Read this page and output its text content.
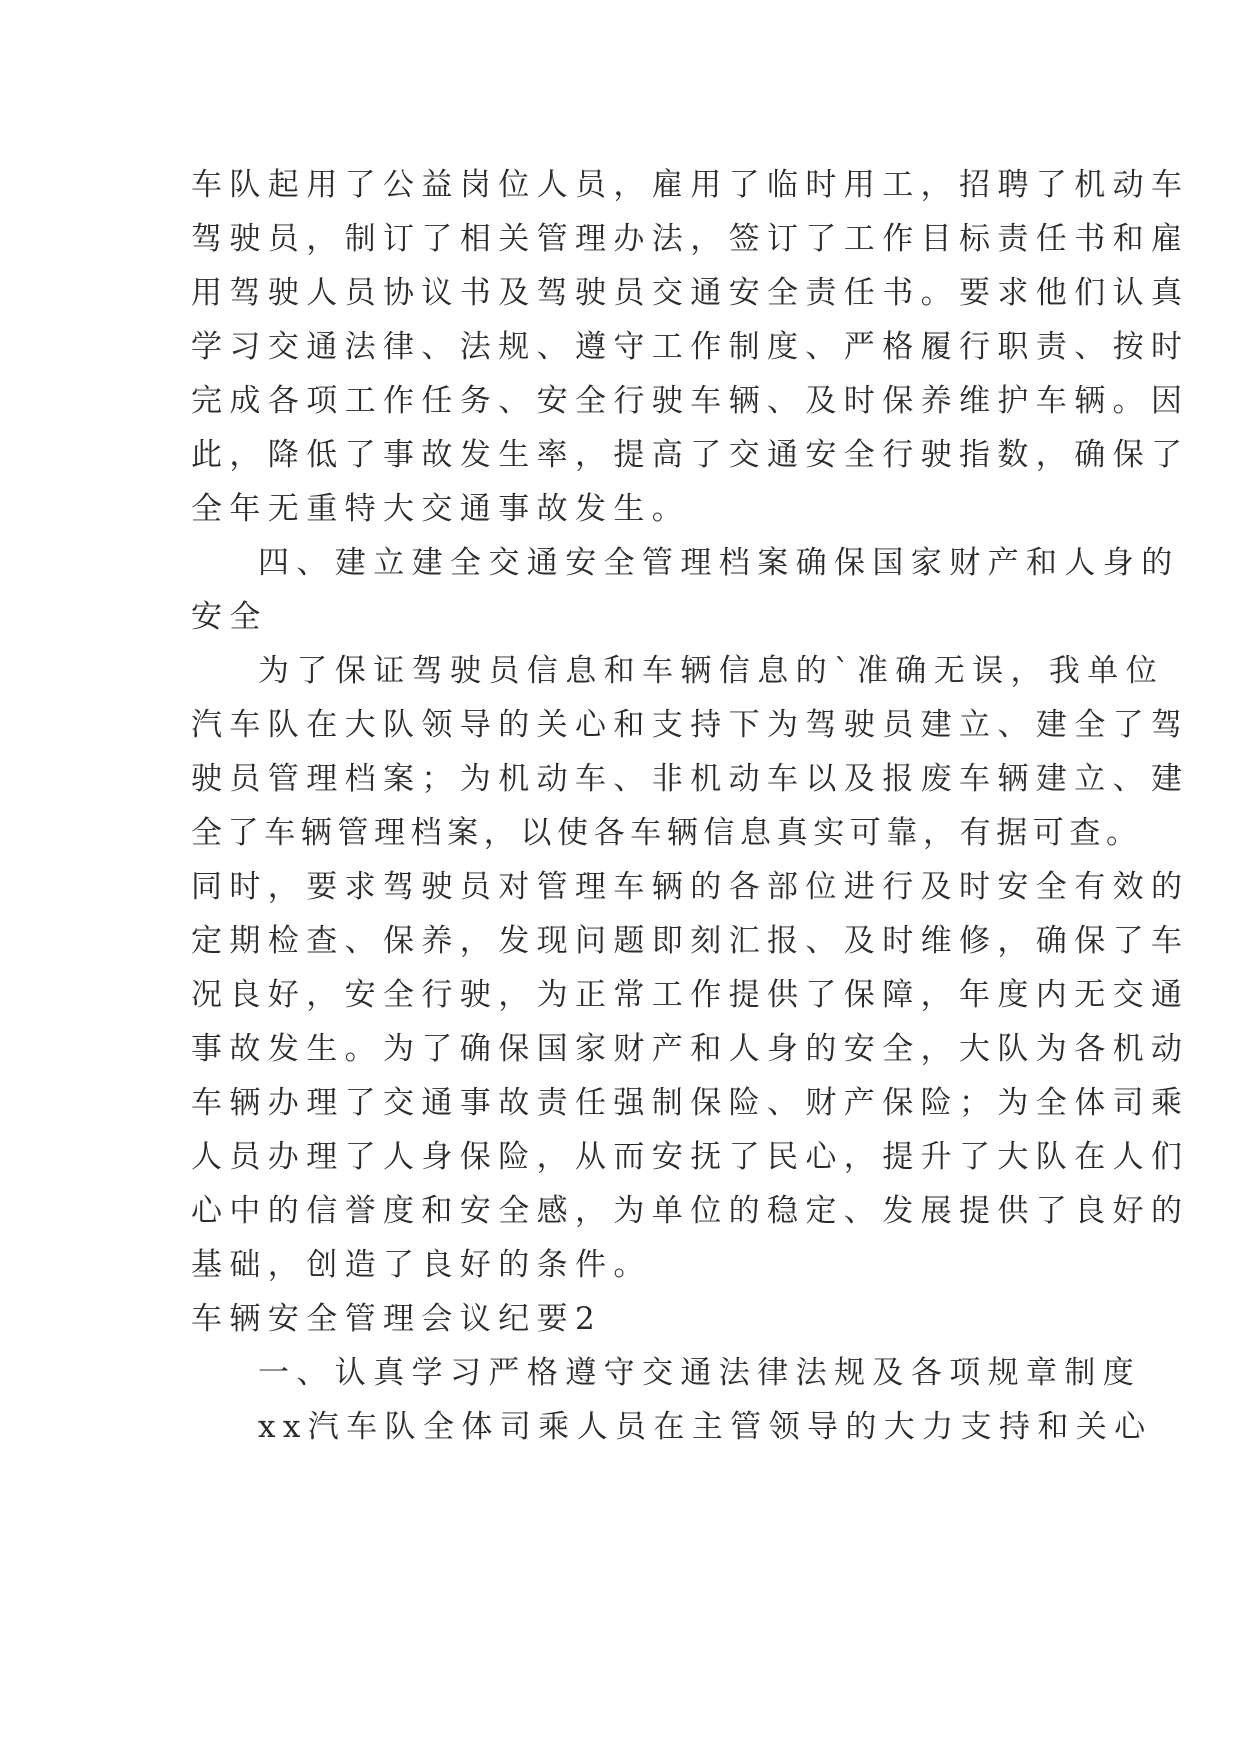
车队起用了公益岗位人员，雇用了临时用工，招聘了机动车
驾驶员，制订了相关管理办法，签订了工作目标责任书和雇
用驾驶人员协议书及驾驶员交通安全责任书。要求他们认真
学习交通法律、法规、遵守工作制度、严格履行职责、按时
完成各项工作任务、安全行驶车辆、及时保养维护车辆。因
此，降低了事故发生率，提高了交通安全行驶指数，确保了
全年无重特大交通事故发生。
四、建立建全交通安全管理档案确保国家财产和人身的
安全
为了保证驾驶员信息和车辆信息的`准确无误，我单位
汽车队在大队领导的关心和支持下为驾驶员建立、建全了驾
驶员管理档案；为机动车、非机动车以及报废车辆建立、建
全了车辆管理档案，以使各车辆信息真实可靠，有据可查。
同时，要求驾驶员对管理车辆的各部位进行及时安全有效的
定期检查、保养，发现问题即刻汇报、及时维修，确保了车
况良好，安全行驶，为正常工作提供了保障，年度内无交通
事故发生。为了确保国家财产和人身的安全，大队为各机动
车辆办理了交通事故责任强制保险、财产保险；为全体司乘
人员办理了人身保险，从而安抚了民心，提升了大队在人们
心中的信誉度和安全感，为单位的稳定、发展提供了良好的
基础，创造了良好的条件。
车辆安全管理会议纪要2
一、认真学习严格遵守交通法律法规及各项规章制度
xx汽车队全体司乘人员在主管领导的大力支持和关心
